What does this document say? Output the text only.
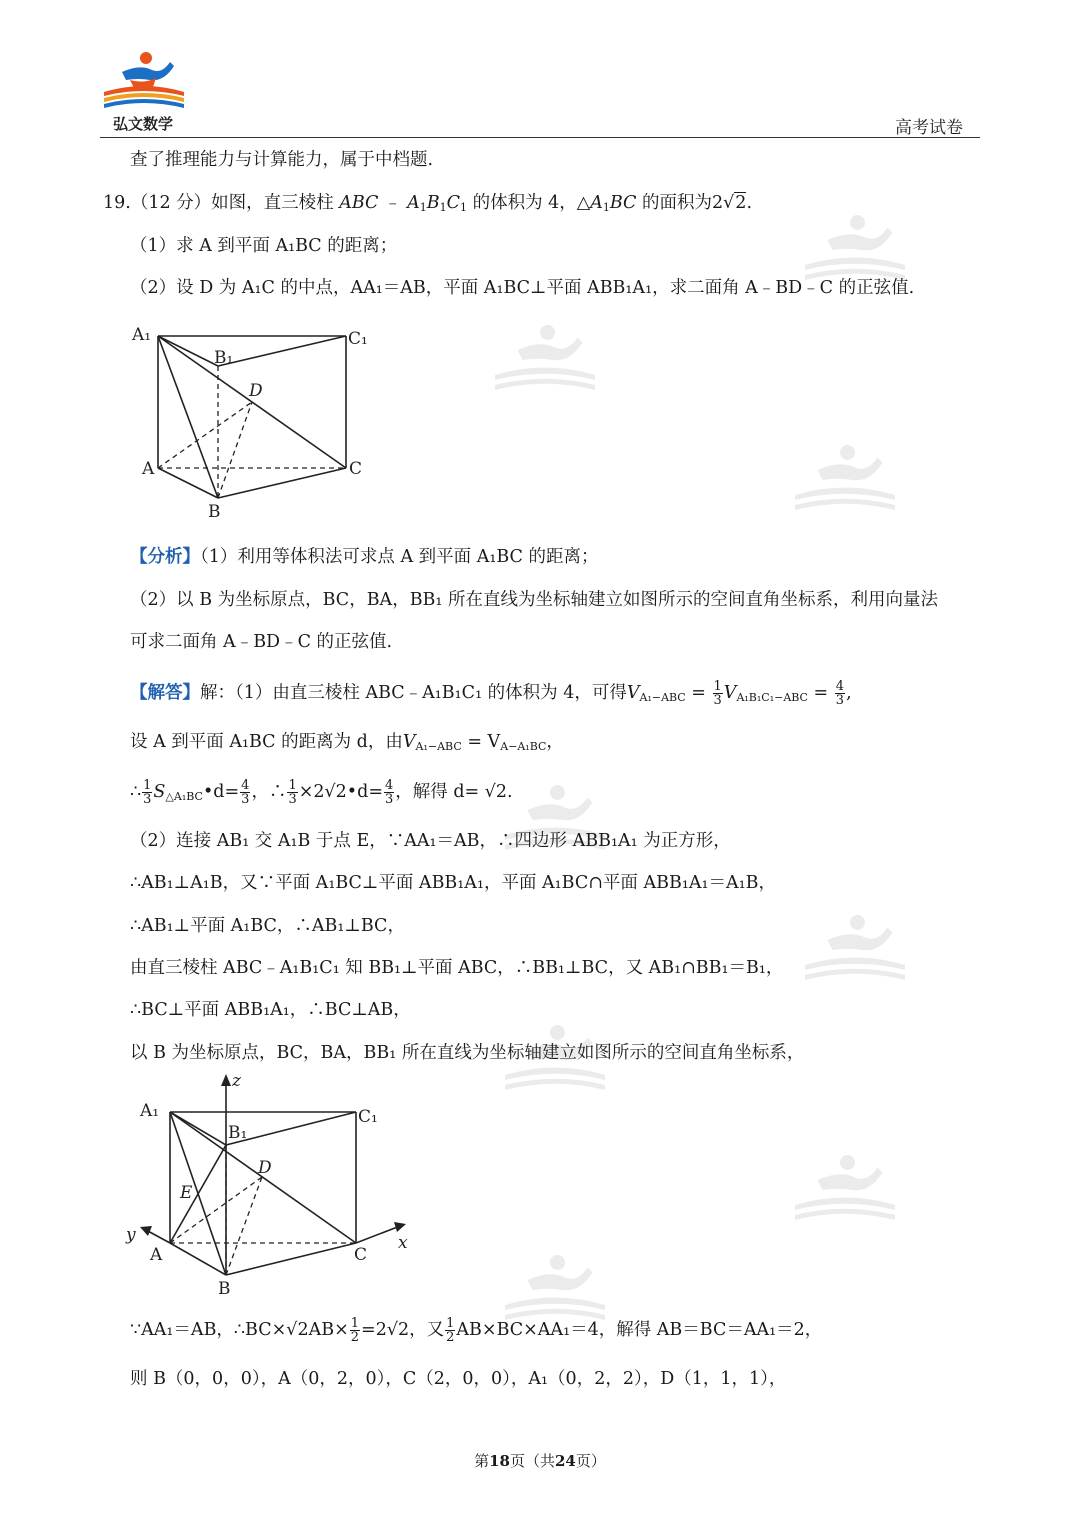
弘文数学	高考试卷
查了推理能力与计算能力，属于中档题.
19.（12 分）如图，直三棱柱 ABC ﹣ $A_1B_1C_1$ 的体积为 4，$\triangle A_1BC$ 的面积为2√2.
（1）求 A 到平面 A₁BC 的距离；
（2）设 D 为 A₁C 的中点，AA₁＝AB，平面 A₁BC⊥平面 ABB₁A₁，求二面角 A﹣BD﹣C 的正弦值.
A₁
B₁
C₁
D
A
B
C
【分析】（1）利用等体积法可求点 A 到平面 A₁BC 的距离；
（2）以 B 为坐标原点，BC，BA，BB₁ 所在直线为坐标轴建立如图所示的空间直角坐标系，利用向量法
可求二面角 A﹣BD﹣C 的正弦值.
【解答】解：（1）由直三棱柱 ABC﹣A₁B₁C₁ 的体积为 4，可得$V_{A_1-ABC} = \frac{1}{3} V_{A_1B_1C_1-ABC} = \frac{4}{3}$ ,
设 A 到平面 A₁BC 的距离为 d，由$V_{A_1-ABC} = V_{A-A_1BC}$，
∴ $\frac{1}{3}$ $S_{\triangle A_1BC}•d= \frac{4}{3}$ ，∴ $\frac{1}{3}$ ×2√2•d= $\frac{4}{3}$ ，解得 d= √2.
（2）连接 AB₁ 交 A₁B 于点 E，∵AA₁＝AB，∴四边形 ABB₁A₁ 为正方形，
∴AB₁⊥A₁B，又∵平面 A₁BC⊥平面 ABB₁A₁，平面 A₁BC∩平面 ABB₁A₁＝A₁B，
∴AB₁⊥平面 A₁BC，∴AB₁⊥BC，
由直三棱柱 ABC﹣A₁B₁C₁ 知 BB₁⊥平面 ABC，∴BB₁⊥BC，又 AB₁∩BB₁＝B₁，
∴BC⊥平面 ABB₁A₁，∴BC⊥AB，
以 B 为坐标原点，BC，BA，BB₁ 所在直线为坐标轴建立如图所示的空间直角坐标系，
z
A₁
B₁
C₁
D
E
y
A
B
C
x
∵AA₁＝AB，∴BC×√2AB× $\frac{1}{2} =2√2$，又 $\frac{1}{2} AB\times BC\times AA_1=4$，解得 AB＝BC＝AA₁＝2，
则 B（0，0，0），A（0，2，0），C（2，0，0），A₁（0，2，2），D（1，1，1），
第18页（共24页）
